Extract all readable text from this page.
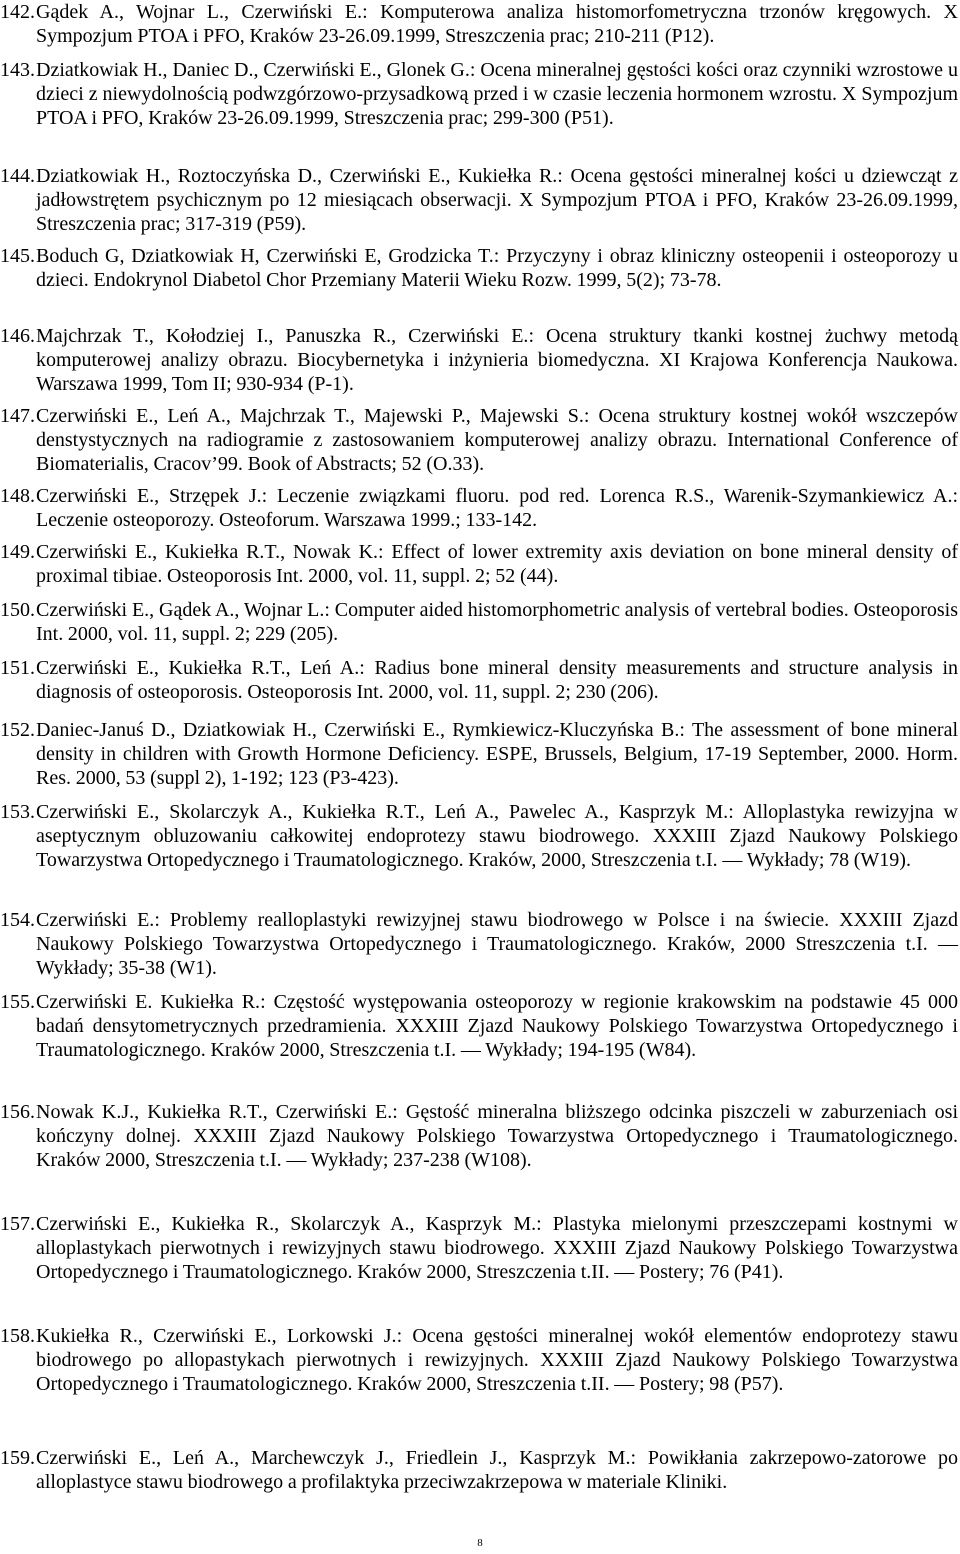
142 . Gądek A., Wojnar L., Czerwiński E. : Komputerowa analiza histomorfometryczna trzonów kręgowych. X Sympozjum PTOA i PFO, Kraków 23-26.09.1999, Streszczenia prac; 210-211 (P12).
143 . Dziatkowiak H., Daniec D., Czerwiński E., Glonek G. : Ocena mineralnej gęstości kości oraz czynniki wzrostowe u dzieci z niewydolnością podwzgórzowo-przysadkową przed i w czasie leczenia hormonem wzrostu. X Sympozjum PTOA i PFO, Kraków 23-26.09.1999, Streszczenia prac; 299-300 (P51).
144 . Dziatkowiak H., Roztoczyńska D., Czerwiński E., Kukiełka R. : Ocena gęstości mineralnej kości u dziewcząt z jadłowstrętem psychicznym po 12 miesiącach obserwacji. X Sympozjum PTOA i PFO, Kraków 23-26.09.1999, Streszczenia prac; 317-319 (P59).
145 . Boduch G, Dziatkowiak H, Czerwiński E, Grodzicka T. : Przyczyny i obraz kliniczny osteopenii i osteoporozy u dzieci. Endokrynol Diabetol Chor Przemiany Materii Wieku Rozw. 1999, 5(2); 73-78.
146 . Majchrzak T., Kołodziej I., Panuszka R., Czerwiński E. : Ocena struktury tkanki kostnej żuchwy metodą komputerowej analizy obrazu. Biocybernetyka i inżynieria biomedyczna. XI Krajowa Konferencja Naukowa. Warszawa 1999, Tom II; 930-934 (P-1).
147 . Czerwiński E., Leń A., Majchrzak T., Majewski P., Majewski S. : Ocena struktury kostnej wokół wszczepów denstystycznych na radiogramie z zastosowaniem komputerowej analizy obrazu. International Conference of Biomaterialis, Cracov’99. Book of Abstracts; 52 (O.33).
148 . Czerwiński E., Strzępek J. : Leczenie związkami fluoru. pod red. Lorenca R.S., Warenik-Szymankiewicz A.: Leczenie osteoporozy. Osteoforum. Warszawa 1999.; 133-142.
149 . Czerwiński E., Kukiełka R.T., Nowak K. : Effect of lower extremity axis deviation on bone mineral density of proximal tibiae. Osteoporosis Int. 2000, vol. 11, suppl. 2; 52 (44).
150 . Czerwiński E., Gądek A., Wojnar L. : Computer aided histomorphometric analysis of vertebral bodies. Osteoporosis Int. 2000, vol. 11, suppl. 2; 229 (205).
151 . Czerwiński E., Kukiełka R.T., Leń A. : Radius bone mineral density measurements and structure analysis in diagnosis of osteoporosis. Osteoporosis Int. 2000, vol. 11, suppl. 2; 230 (206).
152 . Daniec-Januś D., Dziatkowiak H., Czerwiński E., Rymkiewicz-Kluczyńska B. : The assessment of bone mineral density in children with Growth Hormone Deficiency. ESPE, Brussels, Belgium, 17-19 September, 2000. Horm. Res. 2000, 53 (suppl 2), 1-192; 123 (P3-423).
153 . Czerwiński E., Skolarczyk A., Kukiełka R.T., Leń A., Pawelec A., Kasprzyk M. : Alloplastyka rewizyjna w aseptycznym obluzowaniu całkowitej endoprotezy stawu biodrowego. XXXIII Zjazd Naukowy Polskiego Towarzystwa Ortopedycznego i Traumatologicznego. Kraków, 2000, Streszczenia t.I. — Wykłady; 78 (W19).
154 . Czerwiński E. : Problemy realloplastyki rewizyjnej stawu biodrowego w Polsce i na świecie. XXXIII Zjazd Naukowy Polskiego Towarzystwa Ortopedycznego i Traumatologicznego. Kraków, 2000 Streszczenia t.I. — Wykłady; 35-38 (W1).
155 . Czerwiński E. Kukiełka R. : Częstość występowania osteoporozy w regionie krakowskim na podstawie 45 000 badań densytometrycznych przedramienia. XXXIII Zjazd Naukowy Polskiego Towarzystwa Ortopedycznego i Traumatologicznego. Kraków 2000, Streszczenia t.I. — Wykłady; 194-195 (W84).
156 . Nowak K.J., Kukiełka R.T., Czerwiński E. : Gęstość mineralna bliższego odcinka piszczeli w zaburzeniach osi kończyny dolnej. XXXIII Zjazd Naukowy Polskiego Towarzystwa Ortopedycznego i Traumatologicznego. Kraków 2000, Streszczenia t.I. — Wykłady; 237-238 (W108).
157 . Czerwiński E., Kukiełka R., Skolarczyk A., Kasprzyk M. : Plastyka mielonymi przeszczepami kostnymi w alloplastykach pierwotnych i rewizyjnych stawu biodrowego. XXXIII Zjazd Naukowy Polskiego Towarzystwa Ortopedycznego i Traumatologicznego. Kraków 2000, Streszczenia t.II. — Postery; 76 (P41).
158 . Kukiełka R., Czerwiński E., Lorkowski J. : Ocena gęstości mineralnej wokół elementów endoprotezy stawu biodrowego po allopastykach pierwotnych i rewizyjnych. XXXIII Zjazd Naukowy Polskiego Towarzystwa Ortopedycznego i Traumatologicznego. Kraków 2000, Streszczenia t.II. — Postery; 98 (P57).
159 . Czerwiński E., Leń A., Marchewczyk J., Friedlein J., Kasprzyk M. : Powikłania zakrzepowo-zatorowe po alloplastyce stawu biodrowego a profilaktyka przeciwzakrzepowa w materiale Kliniki.
8
